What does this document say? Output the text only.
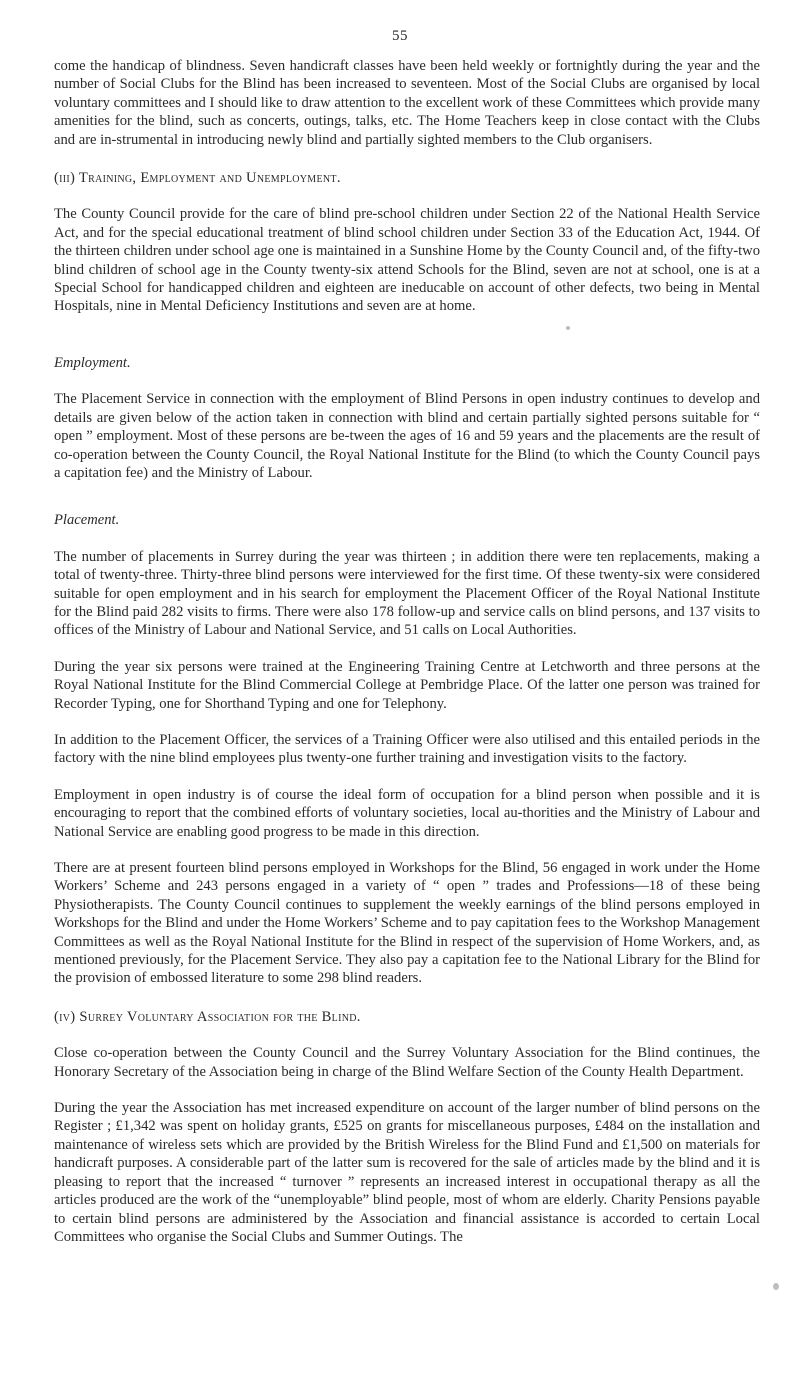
55

come the handicap of blindness. Seven handicraft classes have been held weekly or fortnightly during the year and the number of Social Clubs for the Blind has been increased to seventeen. Most of the Social Clubs are organised by local voluntary committees and I should like to draw attention to the excellent work of these Committees which provide many amenities for the blind, such as concerts, outings, talks, etc. The Home Teachers keep in close contact with the Clubs and are in-strumental in introducing newly blind and partially sighted members to the Club organisers.

(iii) Training, Employment and Unemployment.

The County Council provide for the care of blind pre-school children under Section 22 of the National Health Service Act, and for the special educational treatment of blind school children under Section 33 of the Education Act, 1944. Of the thirteen children under school age one is maintained in a Sunshine Home by the County Council and, of the fifty-two blind children of school age in the County twenty-six attend Schools for the Blind, seven are not at school, one is at a Special School for handicapped children and eighteen are ineducable on account of other defects, two being in Mental Hospitals, nine in Mental Deficiency Institutions and seven are at home.

Employment.

The Placement Service in connection with the employment of Blind Persons in open industry continues to develop and details are given below of the action taken in connection with blind and certain partially sighted persons suitable for “ open ” employment. Most of these persons are be-tween the ages of 16 and 59 years and the placements are the result of co-operation between the County Council, the Royal National Institute for the Blind (to which the County Council pays a capitation fee) and the Ministry of Labour.

Placement.

The number of placements in Surrey during the year was thirteen ; in addition there were ten replacements, making a total of twenty-three. Thirty-three blind persons were interviewed for the first time. Of these twenty-six were considered suitable for open employment and in his search for employment the Placement Officer of the Royal National Institute for the Blind paid 282 visits to firms. There were also 178 follow-up and service calls on blind persons, and 137 visits to offices of the Ministry of Labour and National Service, and 51 calls on Local Authorities.

During the year six persons were trained at the Engineering Training Centre at Letchworth and three persons at the Royal National Institute for the Blind Commercial College at Pembridge Place. Of the latter one person was trained for Recorder Typing, one for Shorthand Typing and one for Telephony.

In addition to the Placement Officer, the services of a Training Officer were also utilised and this entailed periods in the factory with the nine blind employees plus twenty-one further training and investigation visits to the factory.

Employment in open industry is of course the ideal form of occupation for a blind person when possible and it is encouraging to report that the combined efforts of voluntary societies, local au-thorities and the Ministry of Labour and National Service are enabling good progress to be made in this direction.

There are at present fourteen blind persons employed in Workshops for the Blind, 56 engaged in work under the Home Workers’ Scheme and 243 persons engaged in a variety of “ open ” trades and Professions—18 of these being Physiotherapists. The County Council continues to supplement the weekly earnings of the blind persons employed in Workshops for the Blind and under the Home Workers’ Scheme and to pay capitation fees to the Workshop Management Committees as well as the Royal National Institute for the Blind in respect of the supervision of Home Workers, and, as mentioned previously, for the Placement Service. They also pay a capitation fee to the National Library for the Blind for the provision of embossed literature to some 298 blind readers.

(iv) Surrey Voluntary Association for the Blind.

Close co-operation between the County Council and the Surrey Voluntary Association for the Blind continues, the Honorary Secretary of the Association being in charge of the Blind Welfare Section of the County Health Department.

During the year the Association has met increased expenditure on account of the larger number of blind persons on the Register ; £1,342 was spent on holiday grants, £525 on grants for miscellaneous purposes, £484 on the installation and maintenance of wireless sets which are provided by the British Wireless for the Blind Fund and £1,500 on materials for handicraft purposes. A considerable part of the latter sum is recovered for the sale of articles made by the blind and it is pleasing to report that the increased “ turnover ” represents an increased interest in occupational therapy as all the articles produced are the work of the “unemployable” blind people, most of whom are elderly. Charity Pensions payable to certain blind persons are administered by the Association and financial assistance is accorded to certain Local Committees who organise the Social Clubs and Summer Outings. The
